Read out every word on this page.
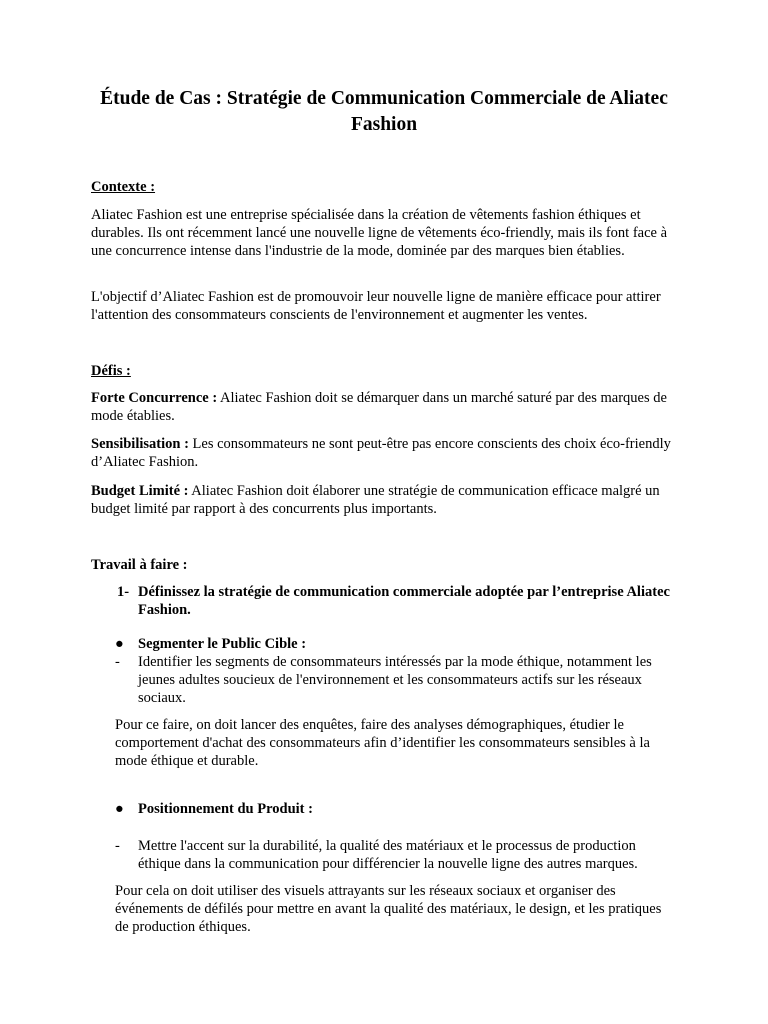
Étude de Cas : Stratégie de Communication Commerciale de Aliatec Fashion
Contexte :

Aliatec Fashion est une entreprise spécialisée dans la création de vêtements fashion éthiques et durables. Ils ont récemment lancé une nouvelle ligne de vêtements éco-friendly, mais ils font face à une concurrence intense dans l'industrie de la mode, dominée par des marques bien établies.

L'objectif d’Aliatec Fashion est de promouvoir leur nouvelle ligne de manière efficace pour attirer l'attention des consommateurs conscients de l'environnement et augmenter les ventes.

Défis :

Forte Concurrence : Aliatec Fashion doit se démarquer dans un marché saturé par des marques de mode établies.

Sensibilisation : Les consommateurs ne sont peut-être pas encore conscients des choix éco-friendly d’Aliatec Fashion.

Budget Limité : Aliatec Fashion doit élaborer une stratégie de communication efficace malgré un budget limité par rapport à des concurrents plus importants.

Travail à faire :
1- Définissez la stratégie de communication commerciale adoptée par l’entreprise Aliatec Fashion.
● Segmenter le Public Cible :
- Identifier les segments de consommateurs intéressés par la mode éthique, notamment les jeunes adultes soucieux de l'environnement et les consommateurs actifs sur les réseaux sociaux.

Pour ce faire, on doit lancer des enquêtes, faire des analyses démographiques, étudier le comportement d'achat des consommateurs afin d’identifier les consommateurs sensibles à la mode éthique et durable.

● Positionnement du Produit :
- Mettre l'accent sur la durabilité, la qualité des matériaux et le processus de production éthique dans la communication pour différencier la nouvelle ligne des autres marques.

Pour cela on doit utiliser des visuels attrayants sur les réseaux sociaux et organiser des événements de défilés pour mettre en avant la qualité des matériaux, le design, et les pratiques de production éthiques.
